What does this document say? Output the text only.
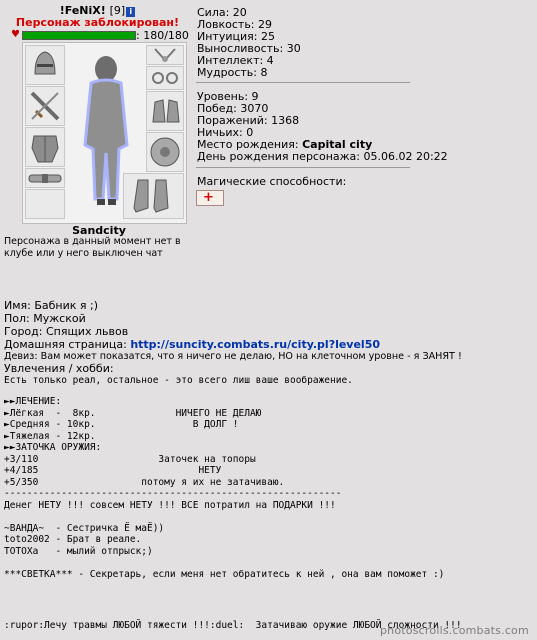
!FeNiX! [9] i
Персонаж заблокирован!
♥	: 180/180
Sandcity
Персонажа в данный момент нет в клубе или у него выключен чат
Сила: 20
Ловкость: 29
Интуиция: 25
Выносливость: 30
Интеллект: 4
Мудрость: 8
Уровень: 9
Побед: 3070
Поражений: 1368
Ничьих: 0
Место рождения: Capital city
День рождения персонажа: 05.06.02 20:22
Магические способности:
+
Имя: Бабник я ;)
Пол: Мужской
Город: Спящих львов
Домашняя страница: http://suncity.combats.ru/city.pl?level50
Девиз: Вам может показатся, что я ничего не делаю, НО на клеточном уровне - я ЗАНЯТ !
Увлечения / хобби:
Есть только реал, остальное - это всего лиш ваше воображение.
►►ЛЕЧЕНИЕ:
►Лёгкая  -  8кр.              НИЧЕГО НЕ ДЕЛАЮ
►Средняя - 10кр.                 В ДОЛГ !
►Тяжелая - 12кр.
►►ЗАТОЧКА ОРУЖИЯ:
+3/110                     Заточек на топоры
+4/185                            НЕТУ
+5/350                  потому я их не затачиваю.
-----------------------------------------------------------
Денег НЕТУ !!! совсем НЕТУ !!! ВСЕ потратил на ПОДАРКИ !!!
~ВАНДА~  - Сестричка Ё маЁ))
toto2002 - Брат в реале.
TOTOXa   - мылий отпрыск;)
***СВЕТКА*** - Секретарь, если меня нет обратитесь к ней , она вам поможет :)
:rupor:Лечу травмы ЛЮБОЙ тяжести !!!:duel:  Затачиваю оружие ЛЮБОЙ сложности !!!
photoscrolls.combats.com
